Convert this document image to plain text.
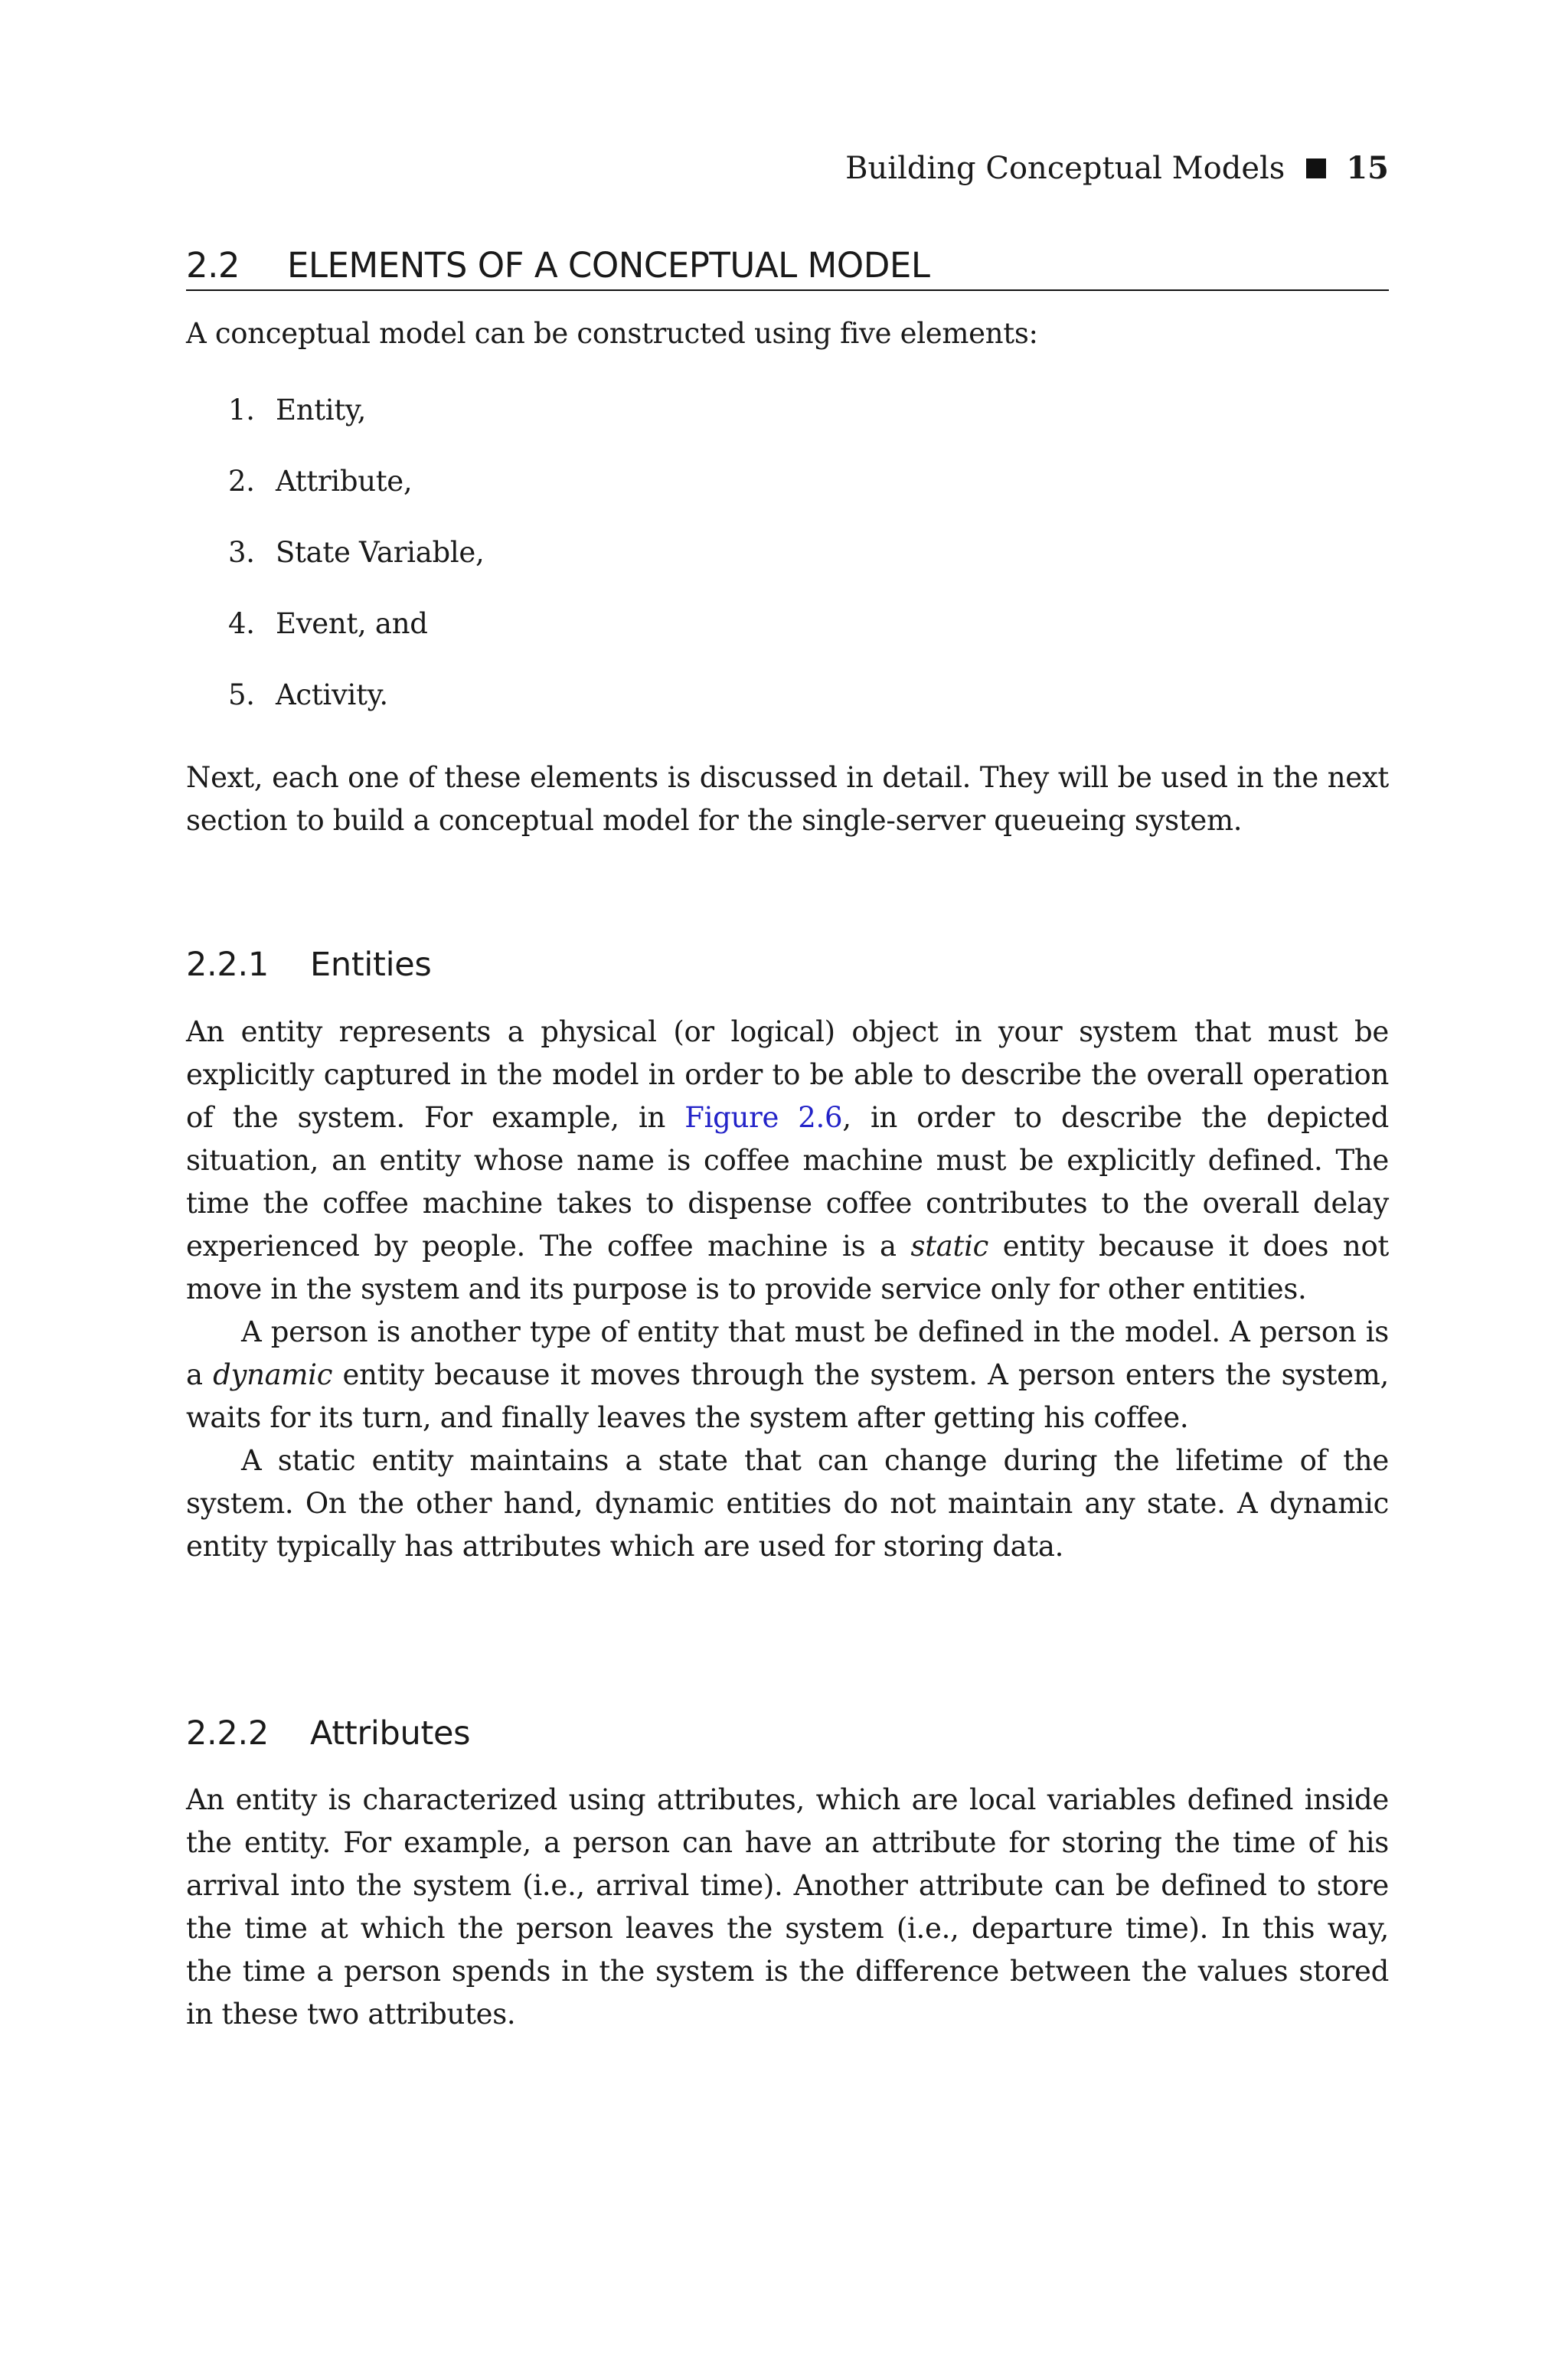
Building Conceptual Models 15
2.2 ELEMENTS OF A CONCEPTUAL MODEL

A conceptual model can be constructed using five elements:

1. Entity,
2. Attribute,
3. State Variable,
4. Event, and
5. Activity.

Next, each one of these elements is discussed in detail. They will be used in the next section to build a conceptual model for the single-server queueing system.

2.2.1 Entities

An entity represents a physical (or logical) object in your system that must be explicitly captured in the model in order to be able to describe the overall operation of the system. For example, in Figure 2.6, in order to describe the depicted situation, an entity whose name is coffee machine must be explicitly defined. The time the coffee machine takes to dispense coffee contributes to the overall delay experienced by people. The coffee machine is a static entity because it does not move in the system and its purpose is to provide service only for other entities.

A person is another type of entity that must be defined in the model. A person is a dynamic entity because it moves through the system. A person enters the system, waits for its turn, and finally leaves the system after getting his coffee.

A static entity maintains a state that can change during the lifetime of the system. On the other hand, dynamic entities do not maintain any state. A dynamic entity typically has attributes which are used for storing data.

2.2.2 Attributes

An entity is characterized using attributes, which are local variables defined inside the entity. For example, a person can have an attribute for storing the time of his arrival into the system (i.e., arrival time). Another attribute can be defined to store the time at which the person leaves the system (i.e., departure time). In this way, the time a person spends in the system is the difference between the values stored in these two attributes.
